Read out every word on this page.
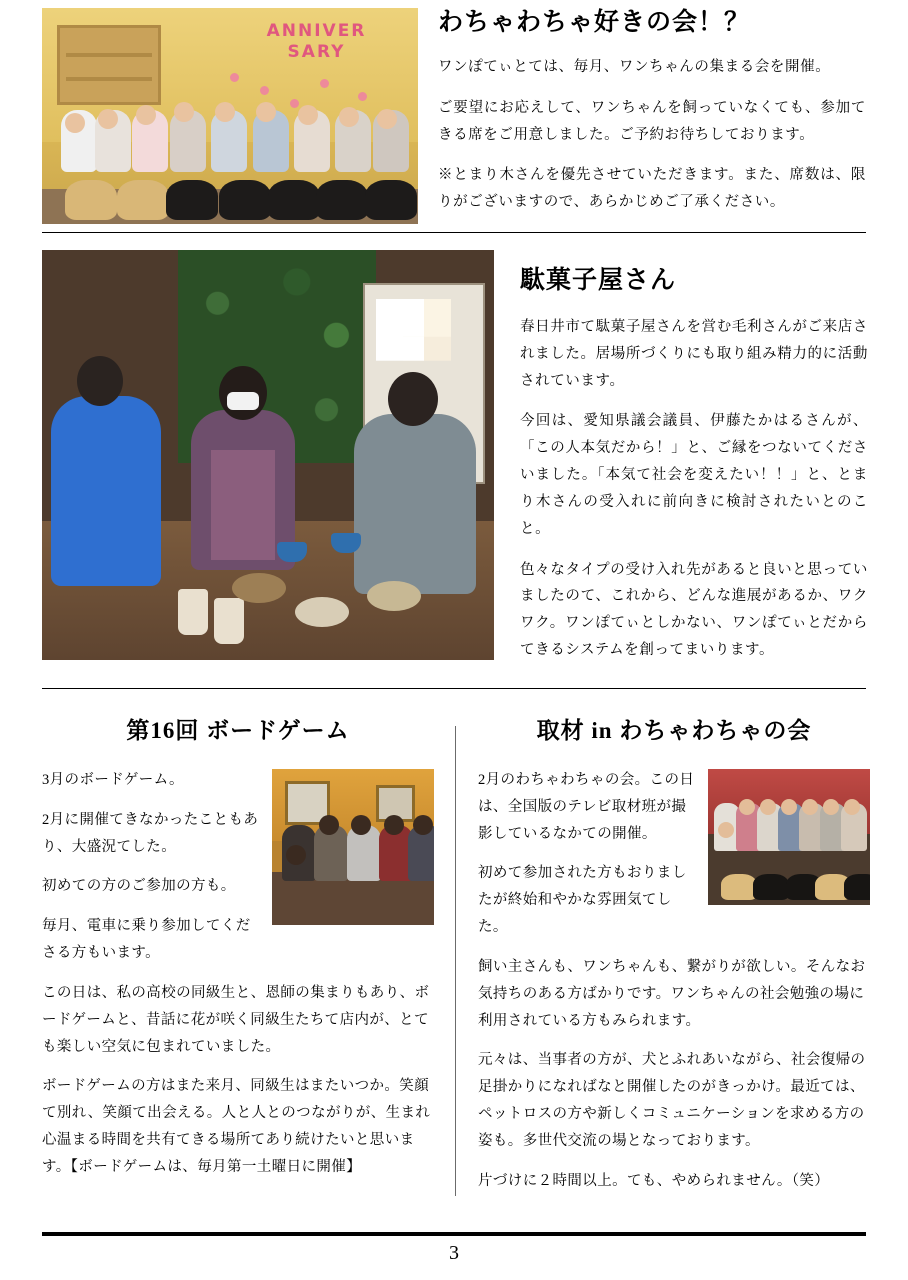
ANNIVER
SARY
わちゃわちゃ好きの会！？

ワンぽてぃとては、毎月、ワンちゃんの集まる会を開催。

ご要望にお応えして、ワンちゃんを飼っていなくても、参加てきる席をご用意しました。ご予約お待ちしております。

※とまり木さんを優先させていただきます。また、席数は、限りがございますので、あらかじめご了承ください。

駄菓子屋さん

春日井市て駄菓子屋さんを営む毛利さんがご来店されました。居場所づくりにも取り組み精力的に活動されています。

今回は、愛知県議会議員、伊藤たかはるさんが、「この人本気だから！」と、ご縁をつないてくださいました。「本気て社会を変えたい！！」と、とまり木さんの受入れに前向きに検討されたいとのこと。

色々なタイプの受け入れ先があると良いと思っていましたのて、これから、どんな進展があるか、ワクワク。ワンぽてぃとしかない、ワンぽてぃとだからてきるシステムを創ってまいります。

第16回 ボードゲーム

3月のボードゲーム。

2月に開催てきなかったこともあり、大盛況てした。

初めての方のご参加の方も。

毎月、電車に乗り参加してくださる方もいます。

この日は、私の高校の同級生と、恩師の集まりもあり、ボードゲームと、昔話に花が咲く同級生たちて店内が、とても楽しい空気に包まれていました。

ボードゲームの方はまた来月、同級生はまたいつか。笑顔て別れ、笑顔て出会える。人と人とのつながりが、生まれ心温まる時間を共有てきる場所てあり続けたいと思います。【ボードゲームは、毎月第一土曜日に開催】

取材 in わちゃわちゃの会

2月のわちゃわちゃの会。この日は、全国版のテレビ取材班が撮影しているなかての開催。

初めて参加された方もおりましたが終始和やかな雰囲気てした。

飼い主さんも、ワンちゃんも、繋がりが欲しい。そんなお気持ちのある方ばかりです。ワンちゃんの社会勉強の場に利用されている方もみられます。

元々は、当事者の方が、犬とふれあいながら、社会復帰の足掛かりになればなと開催したのがきっかけ。最近ては、ペットロスの方や新しくコミュニケーションを求める方の姿も。多世代交流の場となっております。

片づけに２時間以上。ても、やめられません。（笑）

3
